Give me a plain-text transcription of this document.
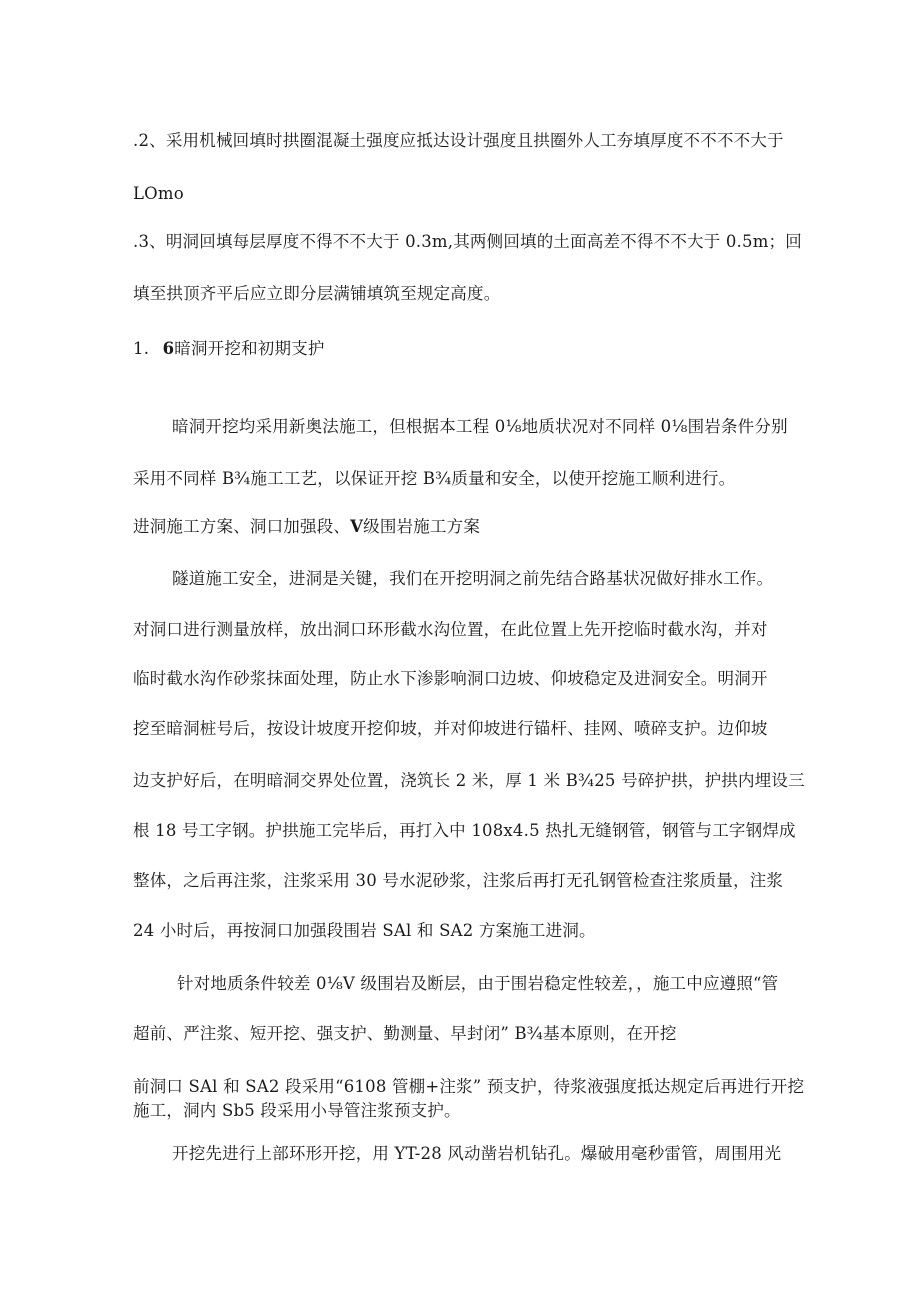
.2、采用机械回填时拱圈混凝土强度应抵达设计强度且拱圈外人工夯填厚度不不不不大于
LOmo
.3、明洞回填每层厚度不得不不大于 0.3m,其两侧回填的土面高差不得不不大于 0.5m；回
填至拱顶齐平后应立即分层满铺填筑至规定高度。
1. 6暗洞开挖和初期支护
暗洞开挖均采用新奥法施工，但根据本工程 0⅛地质状况对不同样 0⅛围岩条件分别
采用不同样 B¾施工工艺，以保证开挖 B¾质量和安全，以使开挖施工顺利进行。
进洞施工方案、洞口加强段、V级围岩施工方案
隧道施工安全，进洞是关键，我们在开挖明洞之前先结合路基状况做好排水工作。
对洞口进行测量放样，放出洞口环形截水沟位置，在此位置上先开挖临时截水沟，并对
临时截水沟作砂浆抹面处理，防止水下渗影响洞口边坡、仰坡稳定及进洞安全。明洞开
挖至暗洞桩号后，按设计坡度开挖仰坡，并对仰坡进行锚杆、挂网、喷碎支护。边仰坡
边支护好后，在明暗洞交界处位置，浇筑长 2 米，厚 1 米 B¾25 号碎护拱，护拱内埋设三
根 18 号工字钢。护拱施工完毕后，再打入中 108x4.5 热扎无缝钢管，钢管与工字钢焊成
整体，之后再注浆，注浆采用 30 号水泥砂浆，注浆后再打无孔钢管检查注浆质量，注浆
24 小时后，再按洞口加强段围岩 SAl 和 SA2 方案施工进洞。
针对地质条件较差 0⅛V 级围岩及断层，由于围岩稳定性较差，，施工中应遵照“管
超前、严注浆、短开挖、强支护、勤测量、早封闭” B¾基本原则，在开挖
前洞口 SAl 和 SA2 段采用“6108 管棚+注浆” 预支护，待浆液强度抵达规定后再进行开挖
施工，洞内 Sb5 段采用小导管注浆预支护。
开挖先进行上部环形开挖，用 YT-28 风动凿岩机钻孔。爆破用毫秒雷管，周围用光
